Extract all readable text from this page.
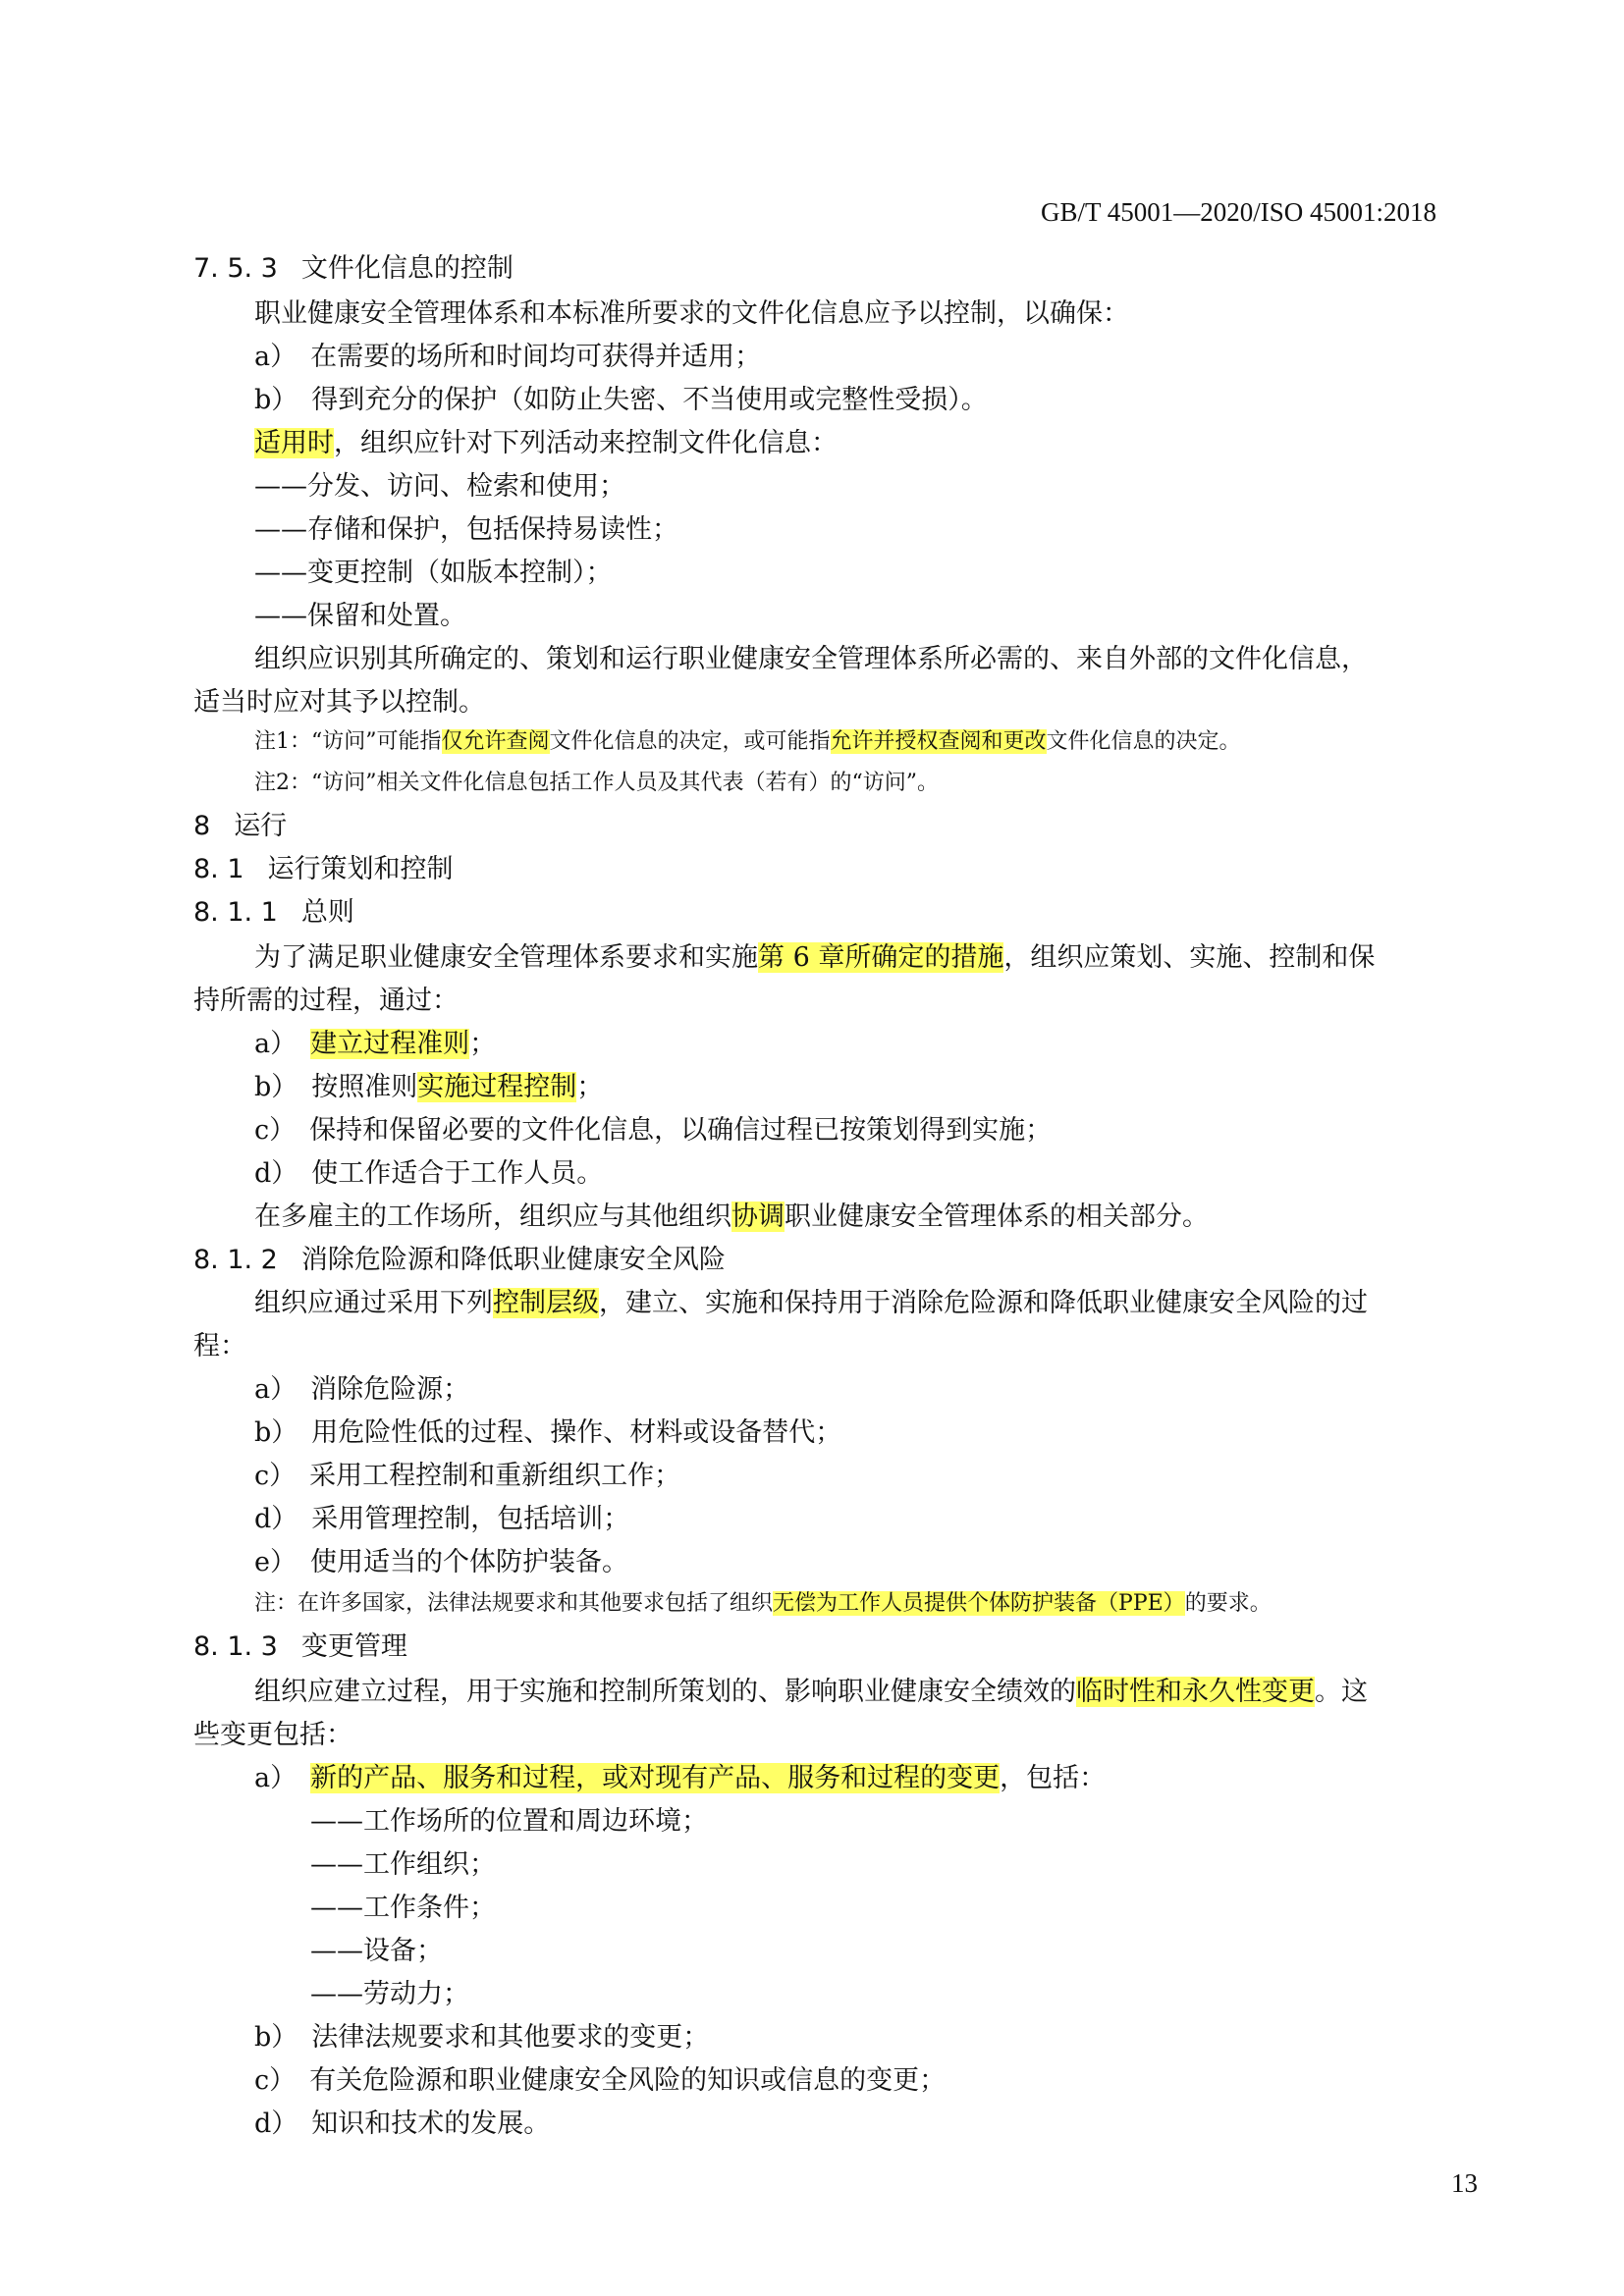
GB/T 45001—2020/ISO 45001:2018
7. 5. 3 文件化信息的控制
职业健康安全管理体系和本标准所要求的文件化信息应予以控制，以确保：
a） 在需要的场所和时间均可获得并适用；
b） 得到充分的保护（如防止失密、不当使用或完整性受损）。
适用时，组织应针对下列活动来控制文件化信息：
——分发、访问、检索和使用；
——存储和保护，包括保持易读性；
——变更控制（如版本控制）；
——保留和处置。
组织应识别其所确定的、策划和运行职业健康安全管理体系所必需的、来自外部的文件化信息，
适当时应对其予以控制。
注1：“访问”可能指仅允许查阅文件化信息的决定，或可能指允许并授权查阅和更改文件化信息的决定。
注2：“访问”相关文件化信息包括工作人员及其代表（若有）的“访问”。
8 运行
8. 1 运行策划和控制
8. 1. 1 总则
为了满足职业健康安全管理体系要求和实施第 6 章所确定的措施，组织应策划、实施、控制和保
持所需的过程，通过：
a） 建立过程准则；
b） 按照准则实施过程控制；
c） 保持和保留必要的文件化信息，以确信过程已按策划得到实施；
d） 使工作适合于工作人员。
在多雇主的工作场所，组织应与其他组织协调职业健康安全管理体系的相关部分。
8. 1. 2 消除危险源和降低职业健康安全风险
组织应通过采用下列控制层级，建立、实施和保持用于消除危险源和降低职业健康安全风险的过
程：
a） 消除危险源；
b） 用危险性低的过程、操作、材料或设备替代；
c） 采用工程控制和重新组织工作；
d） 采用管理控制，包括培训；
e） 使用适当的个体防护装备。
注：在许多国家，法律法规要求和其他要求包括了组织无偿为工作人员提供个体防护装备（PPE）的要求。
8. 1. 3 变更管理
组织应建立过程，用于实施和控制所策划的、影响职业健康安全绩效的临时性和永久性变更。这
些变更包括：
a） 新的产品、服务和过程，或对现有产品、服务和过程的变更，包括：
——工作场所的位置和周边环境；
——工作组织；
——工作条件；
——设备；
——劳动力；
b） 法律法规要求和其他要求的变更；
c） 有关危险源和职业健康安全风险的知识或信息的变更；
d） 知识和技术的发展。
13
